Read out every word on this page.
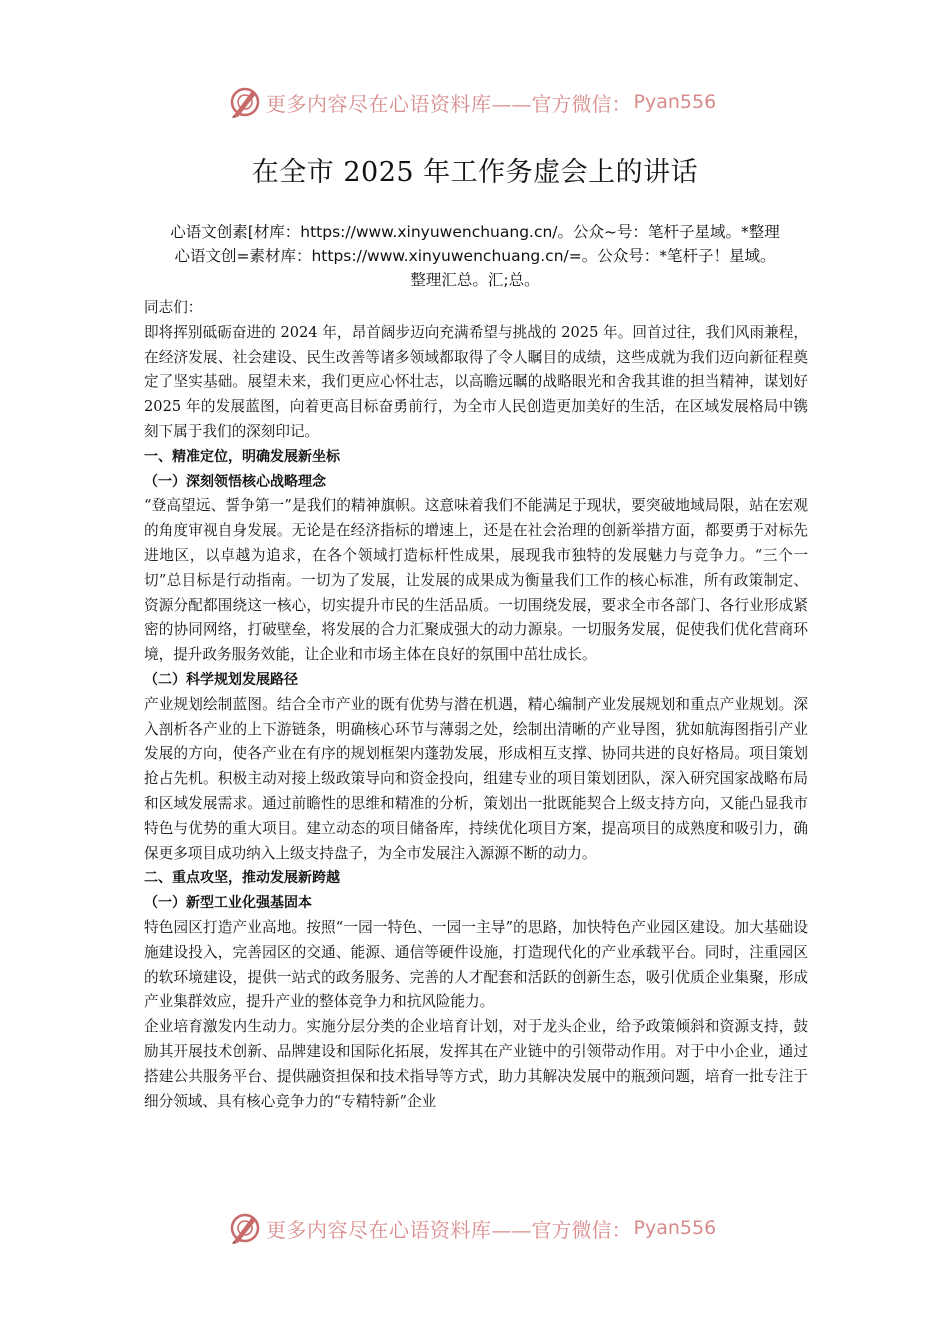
更多内容尽在心语资料库 ——官方微信： Pyan556
在全市 2025 年工作务虚会上的讲话
心语文创素[材库：https://www.xinyuwenchuang.cn/。公众~号：笔杆子星域。*整理
心语文创=素材库：https://www.xinyuwenchuang.cn/=。公众号：*笔杆子！星域。
整理汇总。汇;总。

同志们：

即将挥别砥砺奋进的 2024 年，昂首阔步迈向充满希望与挑战的 2025 年。回首过往，我们风雨兼程，在经济发展、社会建设、民生改善等诸多领域都取得了令人瞩目的成绩，这些成就为我们迈向新征程奠定了坚实基础。展望未来，我们更应心怀壮志，以高瞻远瞩的战略眼光和舍我其谁的担当精神，谋划好 2025 年的发展蓝图，向着更高目标奋勇前行，为全市人民创造更加美好的生活，在区域发展格局中镌刻下属于我们的深刻印记。

一、精准定位，明确发展新坐标

（一）深刻领悟核心战略理念

“登高望远、誓争第一”是我们的精神旗帜。这意味着我们不能满足于现状，要突破地域局限，站在宏观的角度审视自身发展。无论是在经济指标的增速上，还是在社会治理的创新举措方面，都要勇于对标先进地区，以卓越为追求，在各个领域打造标杆性成果，展现我市独特的发展魅力与竞争力。“三个一切”总目标是行动指南。一切为了发展，让发展的成果成为衡量我们工作的核心标准，所有政策制定、资源分配都围绕这一核心，切实提升市民的生活品质。一切围绕发展，要求全市各部门、各行业形成紧密的协同网络，打破壁垒，将发展的合力汇聚成强大的动力源泉。一切服务发展，促使我们优化营商环境，提升政务服务效能，让企业和市场主体在良好的氛围中茁壮成长。

（二）科学规划发展路径

产业规划绘制蓝图。结合全市产业的既有优势与潜在机遇，精心编制产业发展规划和重点产业规划。深入剖析各产业的上下游链条，明确核心环节与薄弱之处，绘制出清晰的产业导图，犹如航海图指引产业发展的方向，使各产业在有序的规划框架内蓬勃发展，形成相互支撑、协同共进的良好格局。项目策划抢占先机。积极主动对接上级政策导向和资金投向，组建专业的项目策划团队，深入研究国家战略布局和区域发展需求。通过前瞻性的思维和精准的分析，策划出一批既能契合上级支持方向，又能凸显我市特色与优势的重大项目。建立动态的项目储备库，持续优化项目方案，提高项目的成熟度和吸引力，确保更多项目成功纳入上级支持盘子，为全市发展注入源源不断的动力。

二、重点攻坚，推动发展新跨越

（一）新型工业化强基固本

特色园区打造产业高地。按照“一园一特色、一园一主导”的思路，加快特色产业园区建设。加大基础设施建设投入，完善园区的交通、能源、通信等硬件设施，打造现代化的产业承载平台。同时，注重园区的软环境建设，提供一站式的政务服务、完善的人才配套和活跃的创新生态，吸引优质企业集聚，形成产业集群效应，提升产业的整体竞争力和抗风险能力。

企业培育激发内生动力。实施分层分类的企业培育计划，对于龙头企业，给予政策倾斜和资源支持，鼓励其开展技术创新、品牌建设和国际化拓展，发挥其在产业链中的引领带动作用。对于中小企业，通过搭建公共服务平台、提供融资担保和技术指导等方式，助力其解决发展中的瓶颈问题，培育一批专注于细分领域、具有核心竞争力的“专精特新”企业

更多内容尽在心语资料库 ——官方微信： Pyan556
